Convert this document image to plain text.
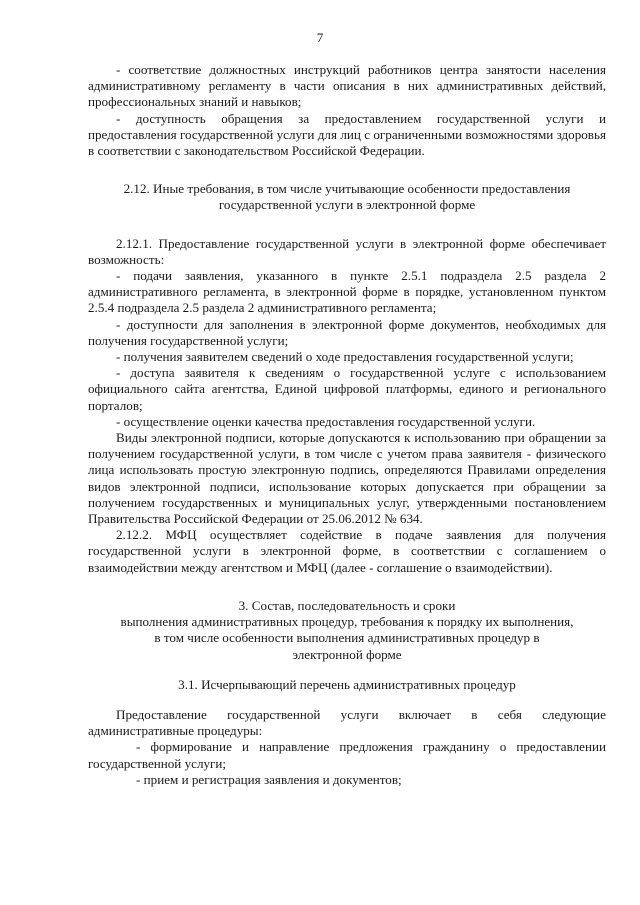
7

- соответствие должностных инструкций работников центра занятости населения административному регламенту в части описания в них административных действий, профессиональных знаний и навыков;

- доступность обращения за предоставлением государственной услуги и предоставления государственной услуги для лиц с ограниченными возможностями здоровья в соответствии с законодательством Российской Федерации.

2.12. Иные требования, в том числе учитывающие особенности предоставления государственной услуги в электронной форме

2.12.1. Предоставление государственной услуги в электронной форме обеспечивает возможность:

- подачи заявления, указанного в пункте 2.5.1 подраздела 2.5 раздела 2 административного регламента, в электронной форме в порядке, установленном пунктом 2.5.4 подраздела 2.5 раздела 2 административного регламента;

- доступности для заполнения в электронной форме документов, необходимых для получения государственной услуги;

- получения заявителем сведений о ходе предоставления государственной услуги;

- доступа заявителя к сведениям о государственной услуге с использованием официального сайта агентства, Единой цифровой платформы, единого и регионального порталов;

- осуществление оценки качества предоставления государственной услуги.

Виды электронной подписи, которые допускаются к использованию при обращении за получением государственной услуги, в том числе с учетом права заявителя - физического лица использовать простую электронную подпись, определяются Правилами определения видов электронной подписи, использование которых допускается при обращении за получением государственных и муниципальных услуг, утвержденными постановлением Правительства Российской Федерации от 25.06.2012 № 634.

2.12.2. МФЦ осуществляет содействие в подаче заявления для получения государственной услуги в электронной форме, в соответствии с соглашением о взаимодействии между агентством и МФЦ (далее - соглашение о взаимодействии).

3. Состав, последовательность и сроки

выполнения административных процедур, требования к порядку их выполнения, в том числе особенности выполнения административных процедур в электронной форме

3.1. Исчерпывающий перечень административных процедур

Предоставление государственной услуги включает в себя следующие административные процедуры:

- формирование и направление предложения гражданину о предоставлении государственной услуги;

- прием и регистрация заявления и документов;
